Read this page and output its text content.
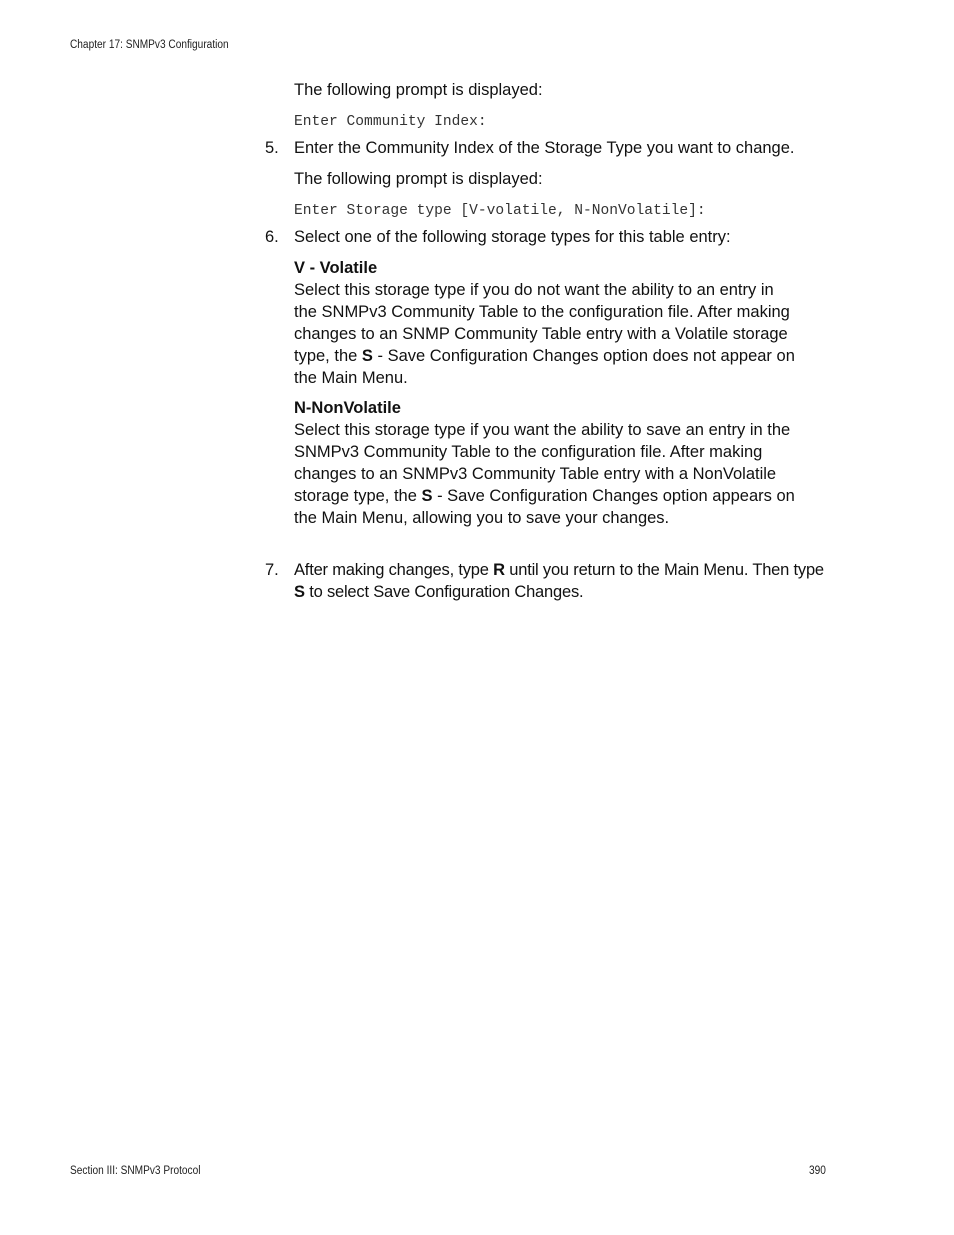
Chapter 17: SNMPv3 Configuration
The following prompt is displayed:
Enter Community Index:
5. Enter the Community Index of the Storage Type you want to change.
The following prompt is displayed:
Enter Storage type [V-volatile, N-NonVolatile]:
6. Select one of the following storage types for this table entry:
V - Volatile
Select this storage type if you do not want the ability to an entry in the SNMPv3 Community Table to the configuration file. After making changes to an SNMP Community Table entry with a Volatile storage type, the S - Save Configuration Changes option does not appear on the Main Menu.
N-NonVolatile
Select this storage type if you want the ability to save an entry in the SNMPv3 Community Table to the configuration file. After making changes to an SNMPv3 Community Table entry with a NonVolatile storage type, the S - Save Configuration Changes option appears on the Main Menu, allowing you to save your changes.
7. After making changes, type R until you return to the Main Menu. Then type S to select Save Configuration Changes.
Section III: SNMPv3 Protocol	390
